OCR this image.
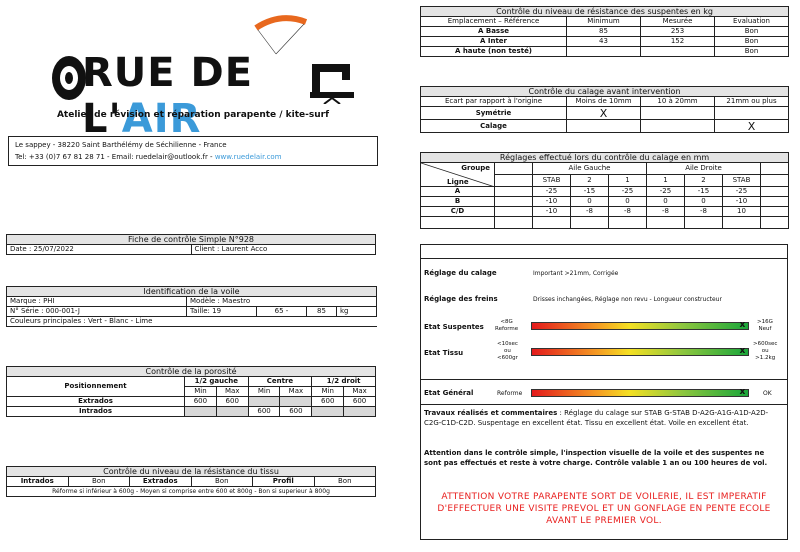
RUE DE L'AIR
Atelier de révision et réparation parapente / kite-surf
Le sappey - 38220 Saint Barthélémy de Séchilienne - France
Tel: +33 (0)7 67 81 28 71 - Email: ruedelair@outlook.fr - www.ruedelair.com
Fiche de contrôle Simple N°928
Date : 25/07/2022	Client : Laurent Acco
Identification de la voile				
Marque : PHI	Modèle : Maestro			
N° Série : 000-001-J	Taille: 19	65 -	85	kg
Couleurs principales : Vert - Blanc - Lime				
Contrôle de la porosité						
Positionnement	1/2 gauche		Centre		1/2 droit	
	Min	Max	Min	Max	Min	Max
Extrados	600	600			600	600
Intrados			600	600		
Contrôle du niveau de la résistance du tissu
Intrados	Bon	Extrados	Bon	Profil	Bon
Réforme si inférieur à 600g - Moyen si comprise entre 600 et 800g - Bon si superieur à 800g
Contrôle du niveau de résistance des suspentes en kg			
Emplacement – Référence	Minimum	Mesurée	Evaluation
A Basse	85	253	Bon
A Inter	43	152	Bon
A haute (non testé)			Bon
Contrôle du calage avant intervention			
Ecart par rapport à l'origine	Moins de 10mm	10 à 20mm	21mm ou plus
Symétrie	X		
Calage			X
Réglages effectué lors du contrôle du calage en mm								

Groupe
Ligne		Aile Gauche			Aile Droite			
		STAB	2	1	1	2	STAB	
A		-25	-15	-25	-25	-15	-25	
B		-10	0	0	0	0	-10	
C/D		-10	-8	-8	-8	-8	10	

Réglage du calage	Important >21mm, Corrigée
Réglage des freins	Drisses inchangées, Réglage non revu - Longueur constructeur
Etat Suspentes
<8G
Reforme	x >16G
Neuf
Etat Tissu
<10sec
ou
<600gr
x
>600sec
ou
>1.2kg
Etat Général	Reforme	x	OK
Travaux réalisés et commentaires : Réglage du calage sur STAB G-STAB D-A2G-A1G-A1D-A2D-C2G-C1D-C2D. Suspentage en excellent état. Tissu en excellent état. Voile en excellent état.
Attention dans le contrôle simple, l'inspection visuelle de la voile et des suspentes ne sont pas effectués et reste à votre charge. Contrôle valable 1 an ou 100 heures de vol.
ATTENTION VOTRE PARAPENTE SORT DE VOILERIE, IL EST IMPERATIF D'EFFECTUER UNE VISITE PREVOL ET UN GONFLAGE EN PENTE ECOLE AVANT LE PREMIER VOL.
